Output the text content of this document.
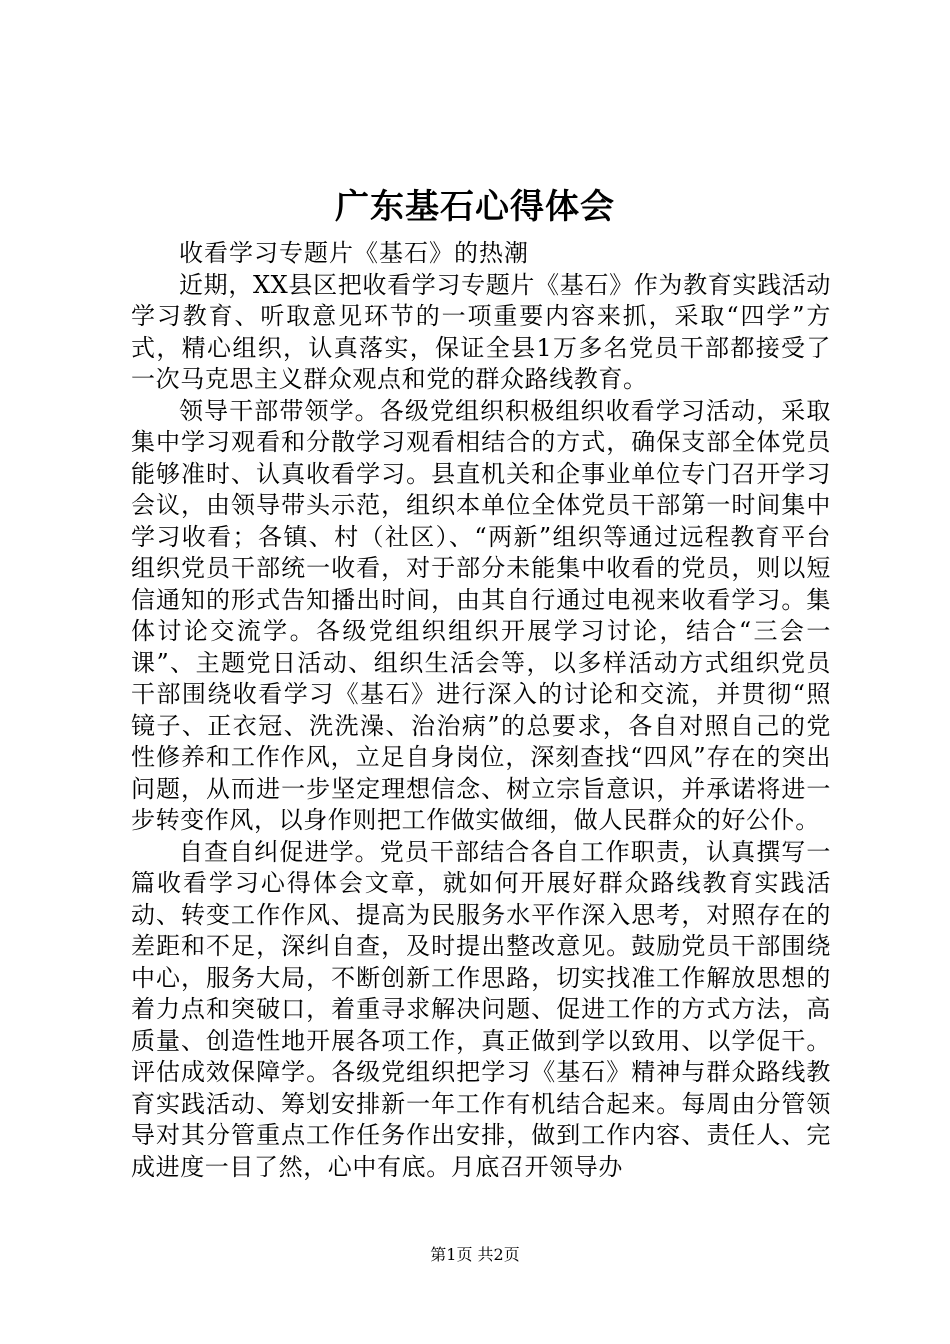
广东基石心得体会

收看学习专题片《基石》的热潮

近期，XX县区把收看学习专题片《基石》作为教育实践活动学习教育、听取意见环节的一项重要内容来抓，采取“四学”方式，精心组织，认真落实，保证全县1万多名党员干部都接受了一次马克思主义群众观点和党的群众路线教育。

领导干部带领学。各级党组织积极组织收看学习活动，采取集中学习观看和分散学习观看相结合的方式，确保支部全体党员能够准时、认真收看学习。县直机关和企事业单位专门召开学习会议，由领导带头示范，组织本单位全体党员干部第一时间集中学习收看；各镇、村（社区）、“两新”组织等通过远程教育平台组织党员干部统一收看，对于部分未能集中收看的党员，则以短信通知的形式告知播出时间，由其自行通过电视来收看学习。集体讨论交流学。各级党组织组织开展学习讨论，结合“三会一课”、主题党日活动、组织生活会等，以多样活动方式组织党员干部围绕收看学习《基石》进行深入的讨论和交流，并贯彻“照镜子、正衣冠、洗洗澡、治治病”的总要求，各自对照自己的党性修养和工作作风，立足自身岗位，深刻查找“四风”存在的突出问题，从而进一步坚定理想信念、树立宗旨意识，并承诺将进一步转变作风，以身作则把工作做实做细，做人民群众的好公仆。

自查自纠促进学。党员干部结合各自工作职责，认真撰写一篇收看学习心得体会文章，就如何开展好群众路线教育实践活动、转变工作作风、提高为民服务水平作深入思考，对照存在的差距和不足，深纠自查，及时提出整改意见。鼓励党员干部围绕中心，服务大局，不断创新工作思路，切实找准工作解放思想的着力点和突破口，着重寻求解决问题、促进工作的方式方法，高质量、创造性地开展各项工作，真正做到学以致用、以学促干。评估成效保障学。各级党组织把学习《基石》精神与群众路线教育实践活动、筹划安排新一年工作有机结合起来。每周由分管领导对其分管重点工作任务作出安排，做到工作内容、责任人、完成进度一目了然，心中有底。月底召开领导办

第1页 共2页
